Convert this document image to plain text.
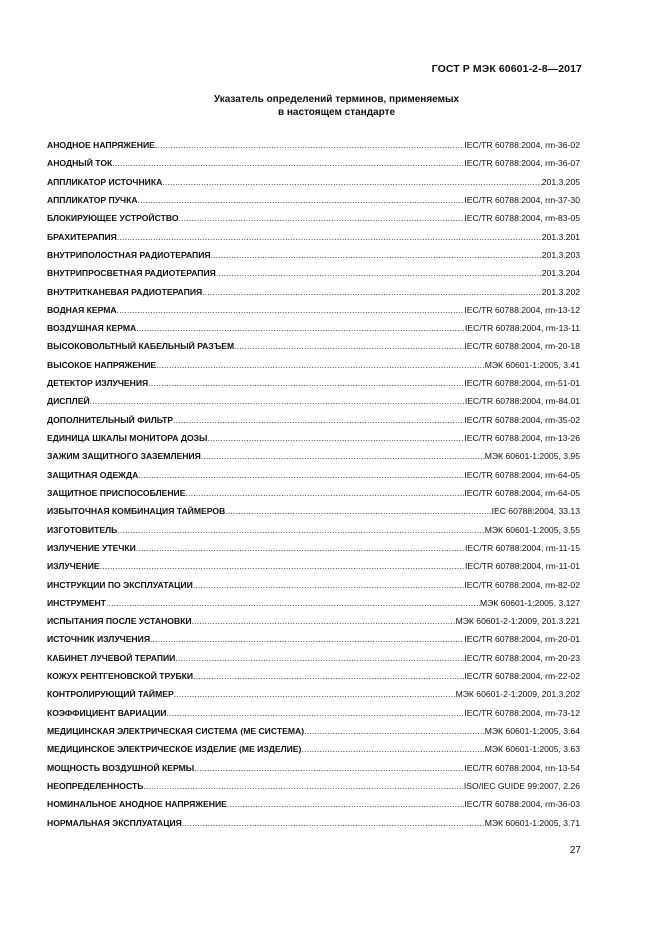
ГОСТ Р МЭК 60601-2-8—2017
Указатель определений терминов, применяемых
в настоящем стандарте
АНОДНОЕ НАПРЯЖЕНИЕ .....	IEC/TR 60788:2004, rm-36-02
АНОДНЫЙ ТОК .....	IEC/TR 60788:2004, rm-36-07
АППЛИКАТОР ИСТОЧНИКА .....	201.3.205
АППЛИКАТОР ПУЧКА .....	IEC/TR 60788:2004, rm-37-30
БЛОКИРУЮЩЕЕ УСТРОЙСТВО .....	IEC/TR 60788:2004, rm-83-05
БРАХИТЕРАПИЯ .....	201.3.201
ВНУТРИПОЛОСТНАЯ РАДИОТЕРАПИЯ .....	201.3.203
ВНУТРИПРОСВЕТНАЯ РАДИОТЕРАПИЯ .....	201.3.204
ВНУТРИТКАНЕВАЯ РАДИОТЕРАПИЯ .....	201.3.202
ВОДНАЯ КЕРМА .....	IEC/TR 60788:2004, rm-13-12
ВОЗДУШНАЯ КЕРМА .....	IEC/TR 60788:2004, rm-13-11
ВЫСОКОВОЛЬТНЫЙ КАБЕЛЬНЫЙ РАЗЪЕМ .....	IEC/TR 60788:2004, rm-20-18
ВЫСОКОЕ НАПРЯЖЕНИЕ .....	МЭК 60601-1:2005, 3.41
ДЕТЕКТОР ИЗЛУЧЕНИЯ .....	IEC/TR 60788:2004, rm-51-01
ДИСПЛЕЙ .....	IEC/TR 60788:2004, rm-84.01
ДОПОЛНИТЕЛЬНЫЙ ФИЛЬТР .....	IEC/TR 60788:2004, rm-35-02
ЕДИНИЦА ШКАЛЫ МОНИТОРА ДОЗЫ .....	IEC/TR 60788:2004, rm-13-26
ЗАЖИМ ЗАЩИТНОГО ЗАЗЕМЛЕНИЯ .....	МЭК 60601-1:2005, 3.95
ЗАЩИТНАЯ ОДЕЖДА .....	IEC/TR 60788:2004, rm-64-05
ЗАЩИТНОЕ ПРИСПОСОБЛЕНИЕ .....	IEC/TR 60788:2004, rm-64-05
ИЗБЫТОЧНАЯ КОМБИНАЦИЯ ТАЙМЕРОВ .....	IEC 60788:2004, 33.13
ИЗГОТОВИТЕЛЬ .....	МЭК 60601-1:2005, 3.55
ИЗЛУЧЕНИЕ УТЕЧКИ .....	IEC/TR 60788:2004, rm-11-15
ИЗЛУЧЕНИЕ .....	IEC/TR 60788:2004, rm-11-01
ИНСТРУКЦИИ ПО ЭКСПЛУАТАЦИИ .....	IEC/TR 60788:2004, rm-82-02
ИНСТРУМЕНТ .....	МЭК 60601-1:2005, 3.127
ИСПЫТАНИЯ ПОСЛЕ УСТАНОВКИ .....	МЭК 60601-2-1:2009, 201.3.221
ИСТОЧНИК ИЗЛУЧЕНИЯ .....	IEC/TR 60788:2004, rm-20-01
КАБИНЕТ ЛУЧЕВОЙ ТЕРАПИИ .....	IEC/TR 60788:2004, rm-20-23
КОЖУХ РЕНТГЕНОВСКОЙ ТРУБКИ .....	IEC/TR 60788:2004, rm-22-02
КОНТРОЛИРУЮЩИЙ ТАЙМЕР .....	МЭК 60601-2-1:2009, 201.3.202
КОЭФФИЦИЕНТ ВАРИАЦИИ .....	IEC/TR 60788:2004, rm-73-12
МЕДИЦИНСКАЯ ЭЛЕКТРИЧЕСКАЯ СИСТЕМА (МЕ СИСТЕМА) .....	МЭК 60601-1:2005, 3.64
МЕДИЦИНСКОЕ ЭЛЕКТРИЧЕСКОЕ ИЗДЕЛИЕ (МЕ ИЗДЕЛИЕ) .....	МЭК 60601-1:2005, 3.63
МОЩНОСТЬ ВОЗДУШНОЙ КЕРМЫ .....	IEC/TR 60788:2004, rm-13-54
НЕОПРЕДЕЛЕННОСТЬ .....	ISO/IEC GUIDE 99:2007, 2.26
НОМИНАЛЬНОЕ АНОДНОЕ НАПРЯЖЕНИЕ .....	IEC/TR 60788:2004, rm-36-03
НОРМАЛЬНАЯ ЭКСПЛУАТАЦИЯ .....	МЭК 60601-1:2005, 3.71
27
